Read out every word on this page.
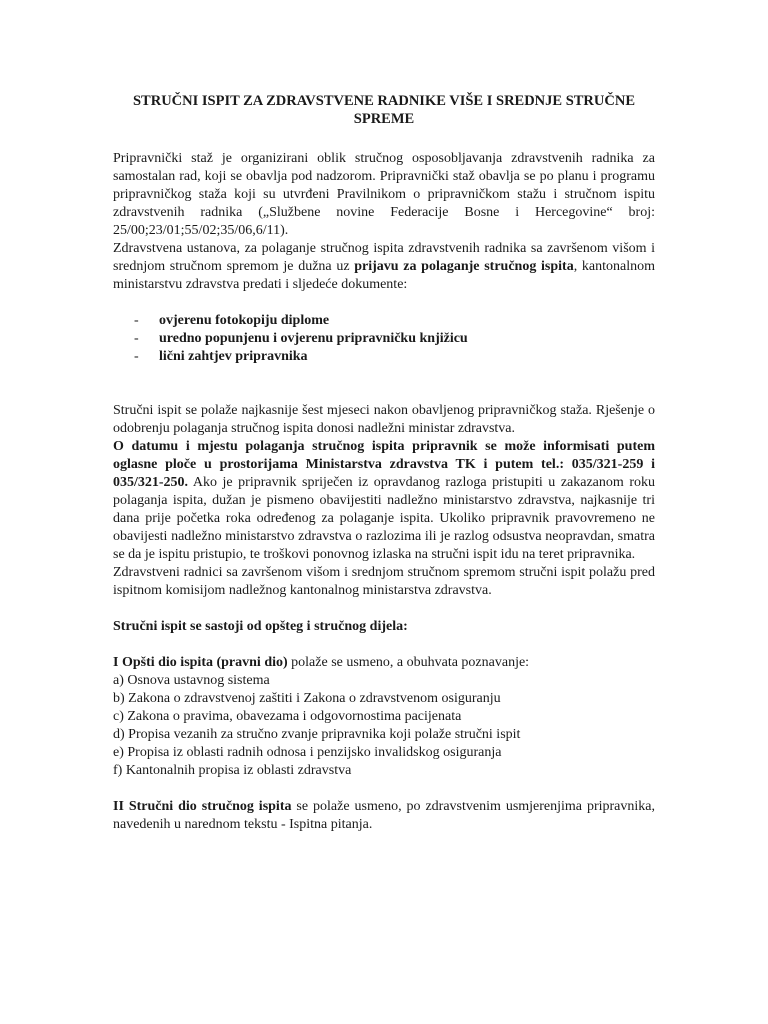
STRUČNI ISPIT ZA ZDRAVSTVENE RADNIKE VIŠE I SREDNJE STRUČNE
SPREME

Pripravnički staž je organizirani oblik stručnog osposobljavanja zdravstvenih radnika za samostalan rad, koji se obavlja pod nadzorom. Pripravnički staž obavlja se po planu i programu pripravničkog staža koji su utvrđeni Pravilnikom o pripravničkom stažu i stručnom ispitu zdravstvenih radnika („Službene novine Federacije Bosne i Hercegovine“ broj: 25/00;23/01;55/02;35/06,6/11).

Zdravstvena ustanova, za polaganje stručnog ispita zdravstvenih radnika sa završenom višom i srednjom stručnom spremom je dužna uz prijavu za polaganje stručnog ispita, kantonalnom ministarstvu zdravstva predati i sljedeće dokumente:

- ovjerenu fotokopiju diplome
- uredno popunjenu i ovjerenu pripravničku knjižicu
- lični zahtjev pripravnika

Stručni ispit se polaže najkasnije šest mjeseci nakon obavljenog pripravničkog staža. Rješenje o odobrenju polaganja stručnog ispita donosi nadležni ministar zdravstva.

O datumu i mjestu polaganja stručnog ispita pripravnik se može informisati putem oglasne ploče u prostorijama Ministarstva zdravstva TK i putem tel.: 035/321-259 i 035/321-250. Ako je pripravnik spriječen iz opravdanog razloga pristupiti u zakazanom roku polaganja ispita, dužan je pismeno obavijestiti nadležno ministarstvo zdravstva, najkasnije tri dana prije početka roka određenog za polaganje ispita. Ukoliko pripravnik pravovremeno ne obavijesti nadležno ministarstvo zdravstva o razlozima ili je razlog odsustva neopravdan, smatra se da je ispitu pristupio, te troškovi ponovnog izlaska na stručni ispit idu na teret pripravnika.

Zdravstveni radnici sa završenom višom i srednjom stručnom spremom stručni ispit polažu pred ispitnom komisijom nadležnog kantonalnog ministarstva zdravstva.

Stručni ispit se sastoji od opšteg i stručnog dijela:

I Opšti dio ispita (pravni dio) polaže se usmeno, a obuhvata poznavanje:

a) Osnova ustavnog sistema
b) Zakona o zdravstvenoj zaštiti i Zakona o zdravstvenom osiguranju
c) Zakona o pravima, obavezama i odgovornostima pacijenata
d) Propisa vezanih za stručno zvanje pripravnika koji polaže stručni ispit
e) Propisa iz oblasti radnih odnosa i penzijsko invalidskog osiguranja
f) Kantonalnih propisa iz oblasti zdravstva

II Stručni dio stručnog ispita se polaže usmeno, po zdravstvenim usmjerenjima pripravnika, navedenih u narednom tekstu - Ispitna pitanja.
